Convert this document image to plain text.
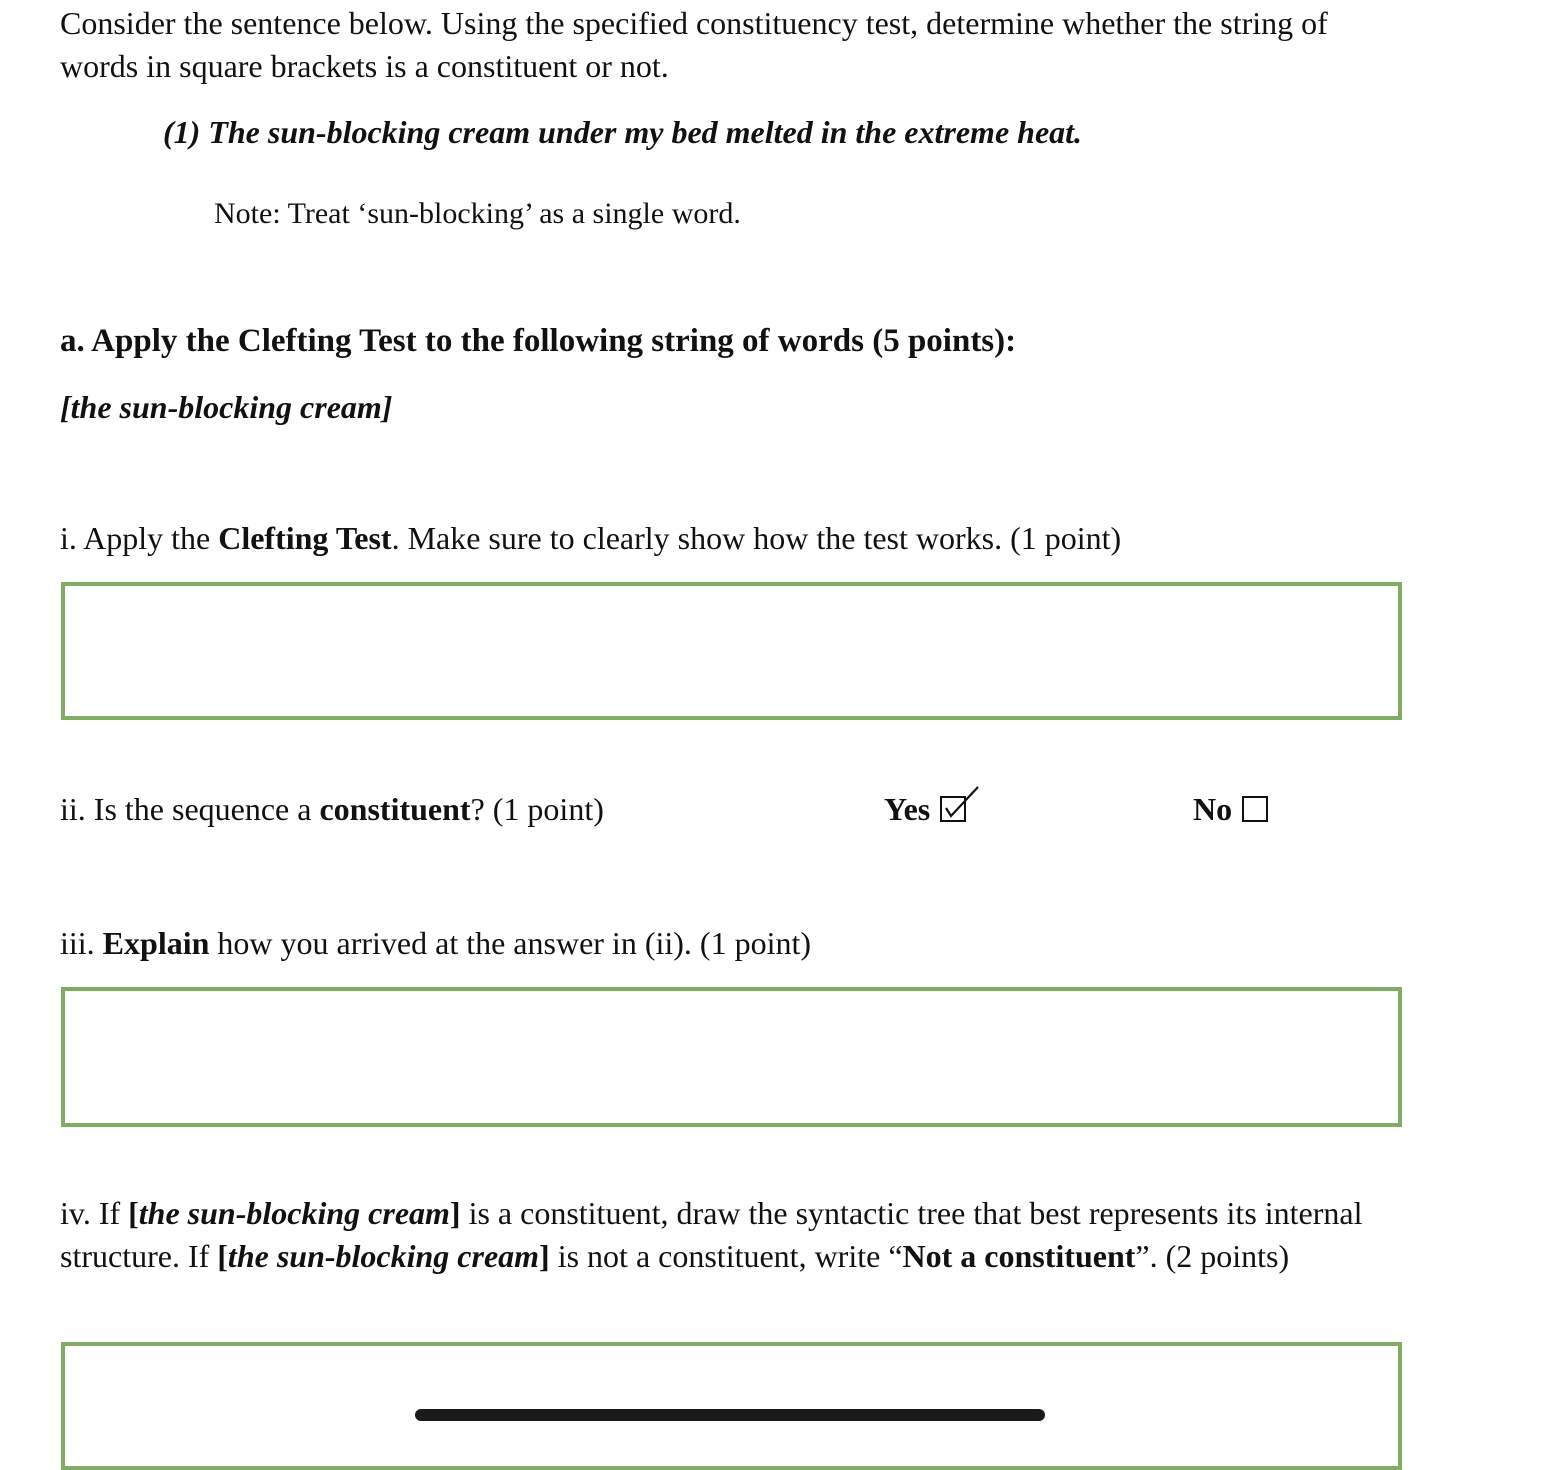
Consider the sentence below. Using the specified constituency test, determine whether the string of words in square brackets is a constituent or not.
(1) The sun-blocking cream under my bed melted in the extreme heat.
Note: Treat ‘sun-blocking’ as a single word.
a. Apply the Clefting Test to the following string of words (5 points):
[the sun-blocking cream]
i. Apply the Clefting Test. Make sure to clearly show how the test works. (1 point)
ii. Is the sequence a constituent? (1 point)	Yes	No
iii. Explain how you arrived at the answer in (ii). (1 point)
iv. If [the sun-blocking cream] is a constituent, draw the syntactic tree that best represents its internal structure. If [the sun-blocking cream] is not a constituent, write “Not a constituent”. (2 points)
